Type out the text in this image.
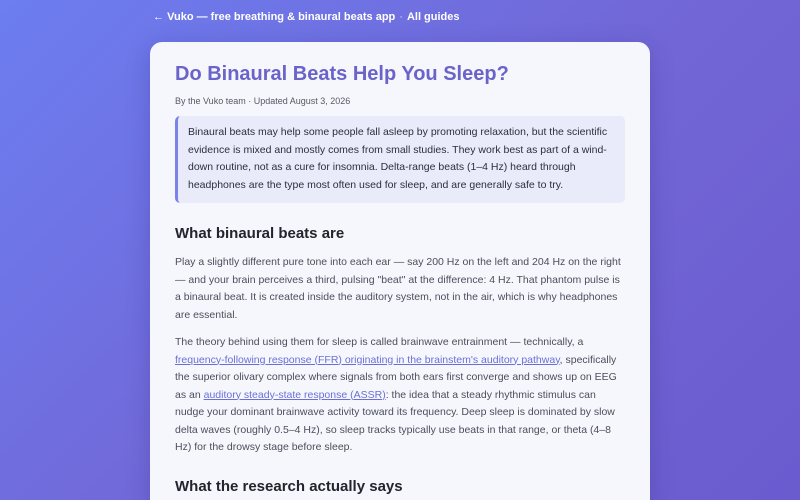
← Vuko — free breathing & binaural beats app · All guides
Do Binaural Beats Help You Sleep?
By the Vuko team · Updated August 3, 2026
Binaural beats may help some people fall asleep by promoting relaxation, but the scientific evidence is mixed and mostly comes from small studies. They work best as part of a wind-down routine, not as a cure for insomnia. Delta-range beats (1–4 Hz) heard through headphones are the type most often used for sleep, and are generally safe to try.
What binaural beats are

Play a slightly different pure tone into each ear — say 200 Hz on the left and 204 Hz on the right — and your brain perceives a third, pulsing "beat" at the difference: 4 Hz. That phantom pulse is a binaural beat. It is created inside the auditory system, not in the air, which is why headphones are essential.

The theory behind using them for sleep is called brainwave entrainment — technically, a frequency-following response (FFR) originating in the brainstem's auditory pathway, specifically the superior olivary complex where signals from both ears first converge and shows up on EEG as an auditory steady-state response (ASSR): the idea that a steady rhythmic stimulus can nudge your dominant brainwave activity toward its frequency. Deep sleep is dominated by slow delta waves (roughly 0.5–4 Hz), so sleep tracks typically use beats in that range, or theta (4–8 Hz) for the drowsy stage before sleep.

What the research actually says
